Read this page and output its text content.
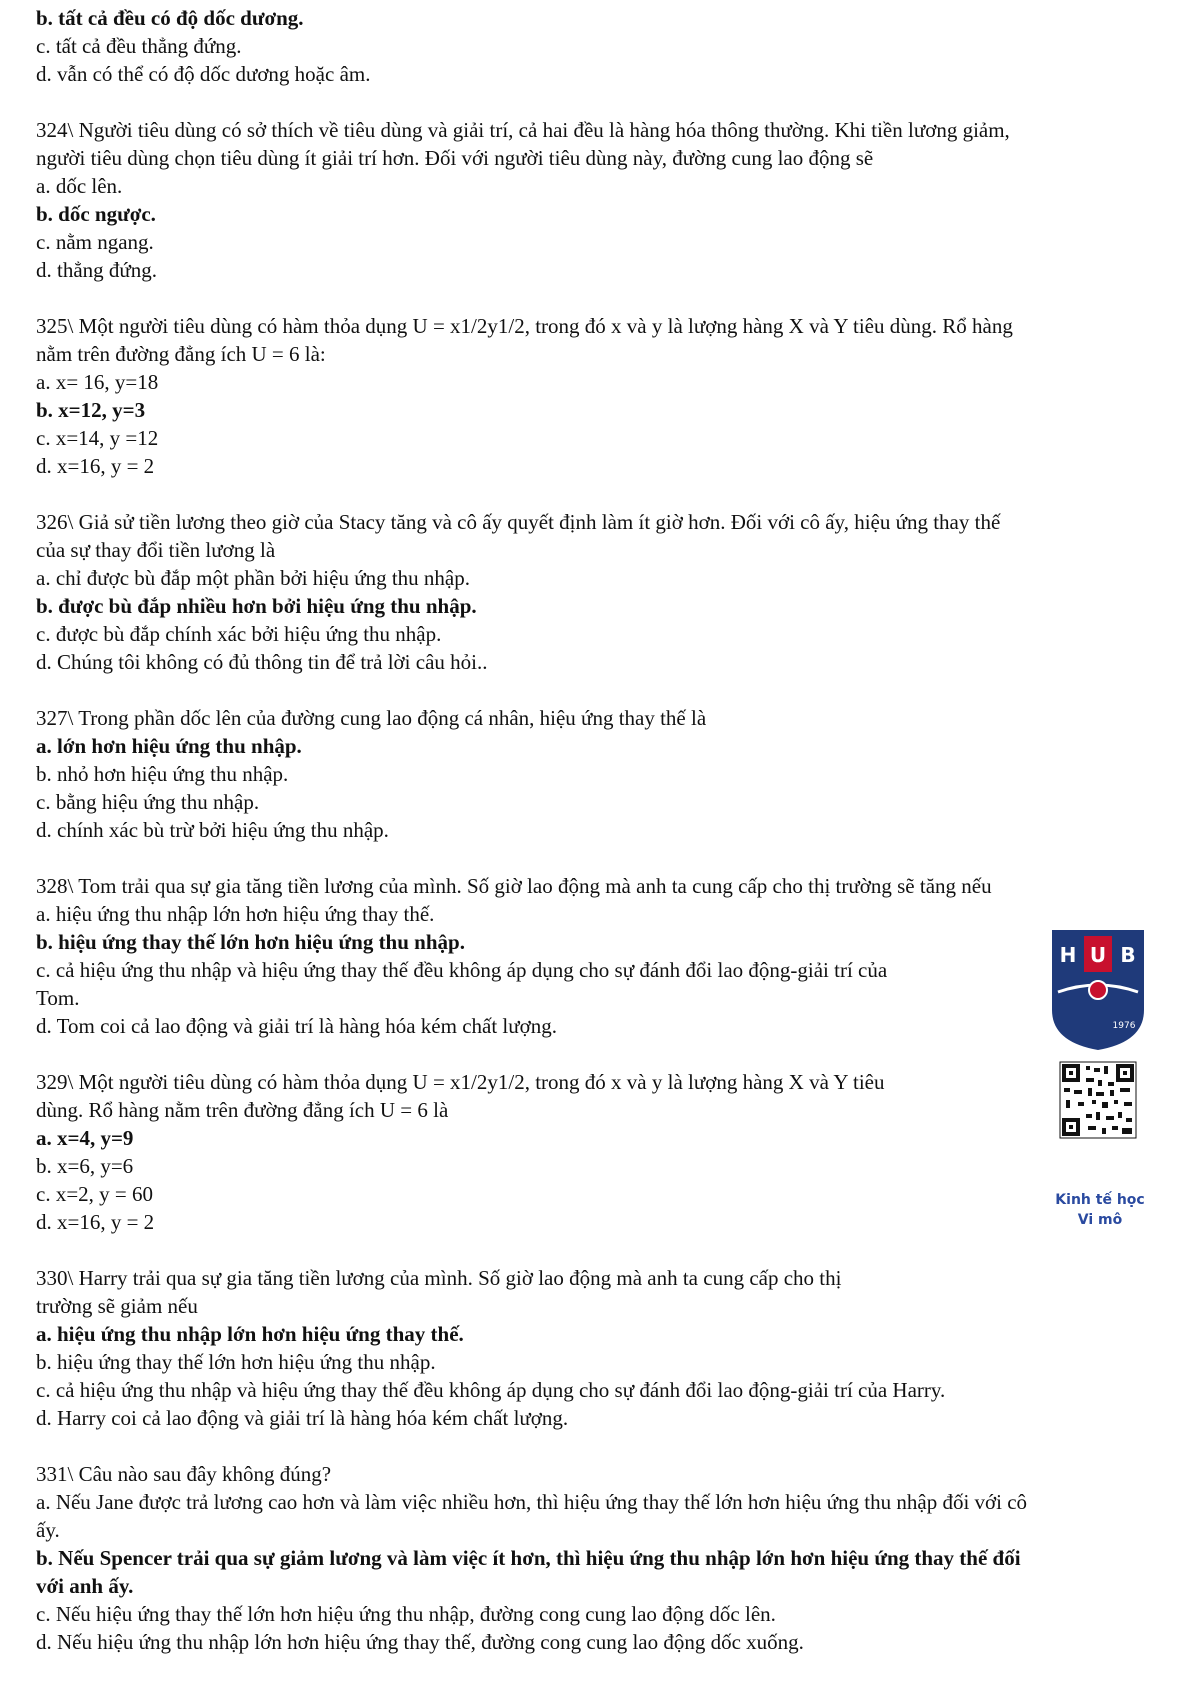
b. tất cả đều có độ dốc dương.
c. tất cả đều thẳng đứng.
d. vẫn có thể có độ dốc dương hoặc âm.
324\ Người tiêu dùng có sở thích về tiêu dùng và giải trí, cả hai đều là hàng hóa thông thường. Khi tiền lương giảm,
người tiêu dùng chọn tiêu dùng ít giải trí hơn. Đối với người tiêu dùng này, đường cung lao động sẽ
a. dốc lên.
b. dốc ngược.
c. nằm ngang.
d. thẳng đứng.
325\ Một người tiêu dùng có hàm thỏa dụng U = x1/2y1/2, trong đó x và y là lượng hàng X và Y tiêu dùng. Rổ hàng
nằm trên đường đẳng ích U = 6 là:
a. x= 16, y=18
b. x=12, y=3
c. x=14, y =12
d. x=16, y = 2
326\ Giả sử tiền lương theo giờ của Stacy tăng và cô ấy quyết định làm ít giờ hơn. Đối với cô ấy, hiệu ứng thay thế
của sự thay đổi tiền lương là
a. chỉ được bù đắp một phần bởi hiệu ứng thu nhập.
b. được bù đắp nhiều hơn bởi hiệu ứng thu nhập.
c. được bù đắp chính xác bởi hiệu ứng thu nhập.
d. Chúng tôi không có đủ thông tin để trả lời câu hỏi..
327\ Trong phần dốc lên của đường cung lao động cá nhân, hiệu ứng thay thế là
a. lớn hơn hiệu ứng thu nhập.
b. nhỏ hơn hiệu ứng thu nhập.
c. bằng hiệu ứng thu nhập.
d. chính xác bù trừ bởi hiệu ứng thu nhập.
328\ Tom trải qua sự gia tăng tiền lương của mình. Số giờ lao động mà anh ta cung cấp cho thị trường sẽ tăng nếu
a. hiệu ứng thu nhập lớn hơn hiệu ứng thay thế.
b. hiệu ứng thay thế lớn hơn hiệu ứng thu nhập.
c. cả hiệu ứng thu nhập và hiệu ứng thay thế đều không áp dụng cho sự đánh đổi lao động-giải trí của
Tom.
d. Tom coi cả lao động và giải trí là hàng hóa kém chất lượng.
329\ Một người tiêu dùng có hàm thỏa dụng U = x1/2y1/2, trong đó x và y là lượng hàng X và Y tiêu
dùng. Rổ hàng nằm trên đường đẳng ích U = 6 là
a. x=4, y=9
b. x=6, y=6
c. x=2, y = 60
d. x=16, y = 2
330\ Harry trải qua sự gia tăng tiền lương của mình. Số giờ lao động mà anh ta cung cấp cho thị
trường sẽ giảm nếu
a. hiệu ứng thu nhập lớn hơn hiệu ứng thay thế.
b. hiệu ứng thay thế lớn hơn hiệu ứng thu nhập.
c. cả hiệu ứng thu nhập và hiệu ứng thay thế đều không áp dụng cho sự đánh đổi lao động-giải trí của Harry.
d. Harry coi cả lao động và giải trí là hàng hóa kém chất lượng.
331\ Câu nào sau đây không đúng?
a. Nếu Jane được trả lương cao hơn và làm việc nhiều hơn, thì hiệu ứng thay thế lớn hơn hiệu ứng thu nhập đối với cô
ấy.
b. Nếu Spencer trải qua sự giảm lương và làm việc ít hơn, thì hiệu ứng thu nhập lớn hơn hiệu ứng thay thế đối
với anh ấy.
c. Nếu hiệu ứng thay thế lớn hơn hiệu ứng thu nhập, đường cong cung lao động dốc lên.
d. Nếu hiệu ứng thu nhập lớn hơn hiệu ứng thay thế, đường cong cung lao động dốc xuống.
H U B
1976
Kinh tế học
Vi mô
